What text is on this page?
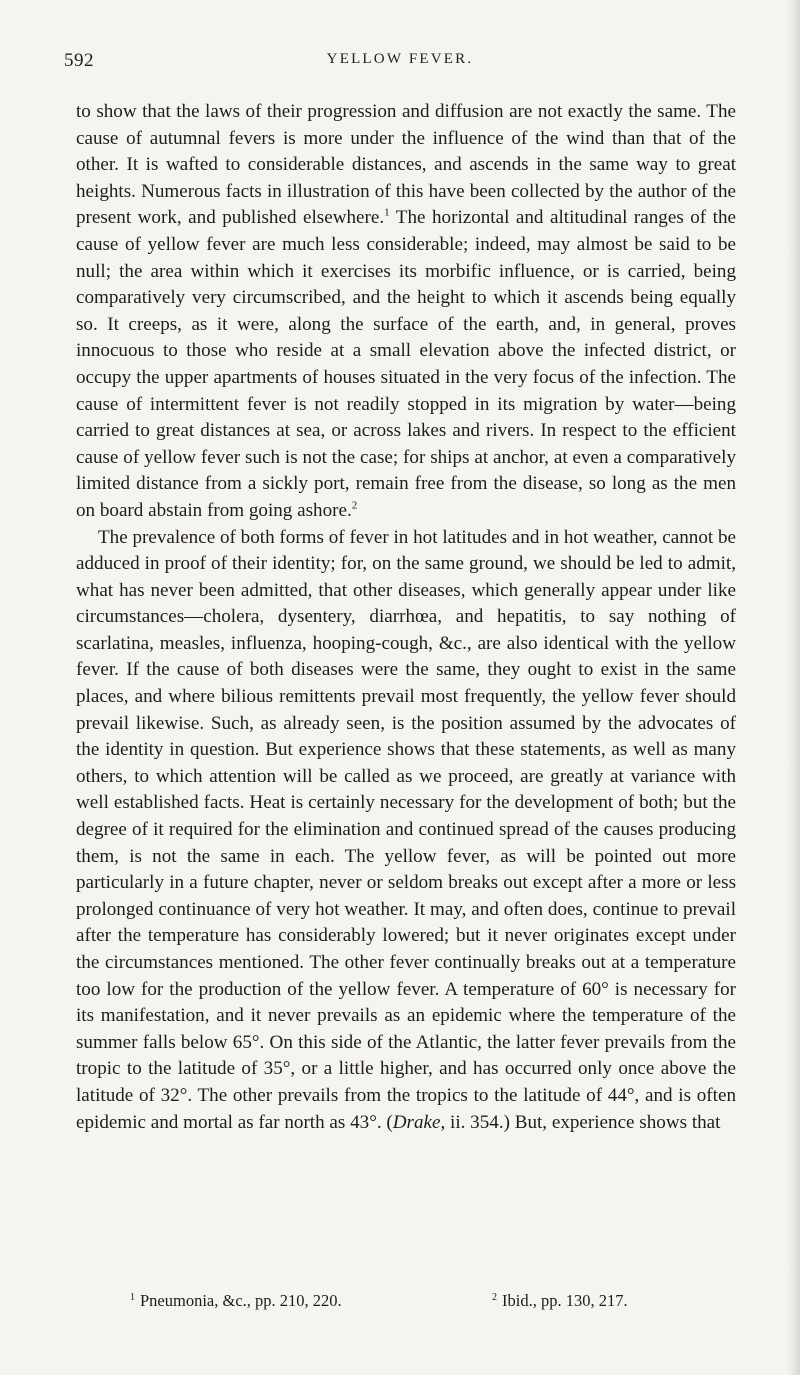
592	YELLOW FEVER.

to show that the laws of their progression and diffusion are not exactly the same. The cause of autumnal fevers is more under the influence of the wind than that of the other. It is wafted to considerable distances, and ascends in the same way to great heights. Numerous facts in illustration of this have been collected by the author of the present work, and published elsewhere.$^1$ The horizontal and altitudinal ranges of the cause of yellow fever are much less considerable; indeed, may almost be said to be null; the area within which it exercises its morbific influence, or is carried, being comparatively very circumscribed, and the height to which it ascends being equally so. It creeps, as it were, along the surface of the earth, and, in general, proves innocuous to those who reside at a small elevation above the infected district, or occupy the upper apartments of houses situated in the very focus of the infection. The cause of intermittent fever is not readily stopped in its migration by water—being carried to great distances at sea, or across lakes and rivers. In respect to the efficient cause of yellow fever such is not the case; for ships at anchor, at even a comparatively limited distance from a sickly port, remain free from the disease, so long as the men on board abstain from going ashore.$^2$

The prevalence of both forms of fever in hot latitudes and in hot weather, cannot be adduced in proof of their identity; for, on the same ground, we should be led to admit, what has never been admitted, that other diseases, which generally appear under like circumstances—cholera, dysentery, diarrhœa, and hepatitis, to say nothing of scarlatina, measles, influenza, hooping-cough, &c., are also identical with the yellow fever. If the cause of both diseases were the same, they ought to exist in the same places, and where bilious remittents prevail most frequently, the yellow fever should prevail likewise. Such, as already seen, is the position assumed by the advocates of the identity in question. But experience shows that these statements, as well as many others, to which attention will be called as we proceed, are greatly at variance with well established facts. Heat is certainly necessary for the development of both; but the degree of it required for the elimination and continued spread of the causes producing them, is not the same in each. The yellow fever, as will be pointed out more particularly in a future chapter, never or seldom breaks out except after a more or less prolonged continuance of very hot weather. It may, and often does, continue to prevail after the temperature has considerably lowered; but it never originates except under the circumstances mentioned. The other fever continually breaks out at a temperature too low for the production of the yellow fever. A temperature of 60° is necessary for its manifestation, and it never prevails as an epidemic where the temperature of the summer falls below 65°. On this side of the Atlantic, the latter fever prevails from the tropic to the latitude of 35°, or a little higher, and has occurred only once above the latitude of 32°. The other prevails from the tropics to the latitude of 44°, and is often epidemic and mortal as far north as 43°. (Drake, ii. 354.) But, experience shows that

$^1$ Pneumonia, &c., pp. 210, 220.	$^2$ Ibid., pp. 130, 217.
